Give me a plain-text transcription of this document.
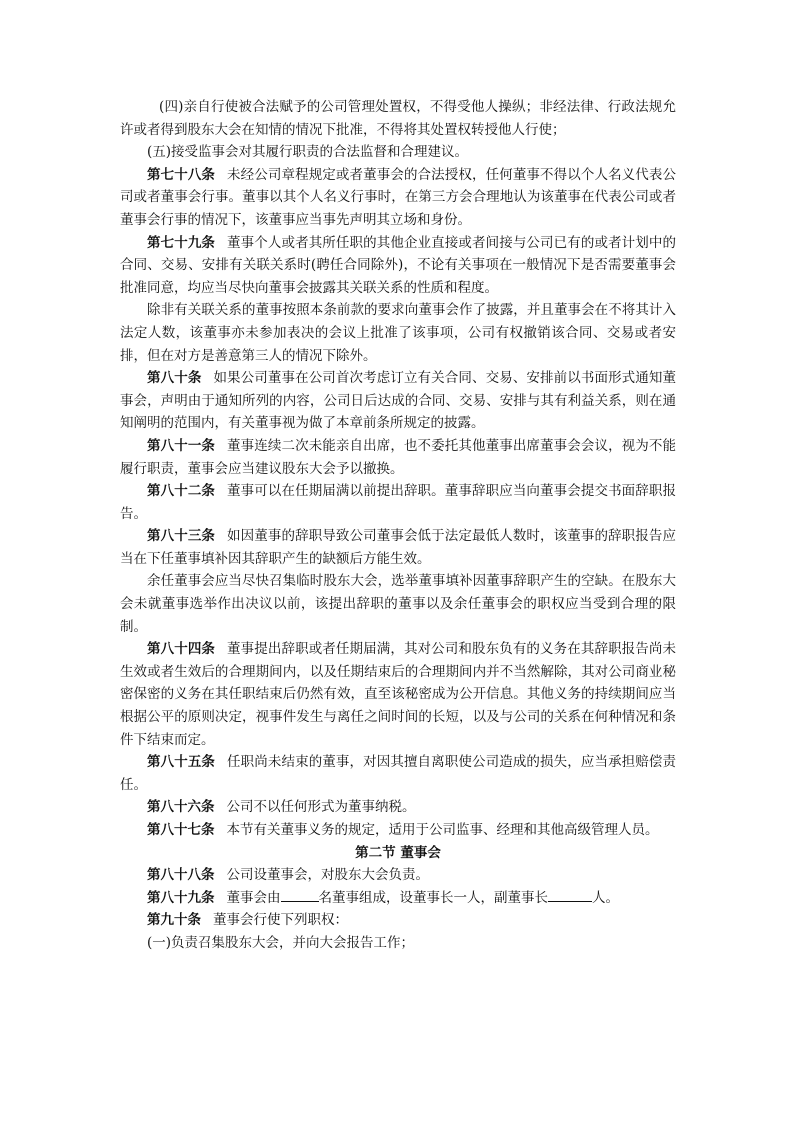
(四)亲自行使被合法赋予的公司管理处置权，不得受他人操纵；非经法律、行政法规允许或者得到股东大会在知情的情况下批准，不得将其处置权转授他人行使；

(五)接受监事会对其履行职责的合法监督和合理建议。

第七十八条 未经公司章程规定或者董事会的合法授权，任何董事不得以个人名义代表公司或者董事会行事。董事以其个人名义行事时，在第三方会合理地认为该董事在代表公司或者董事会行事的情况下，该董事应当事先声明其立场和身份。

第七十九条 董事个人或者其所任职的其他企业直接或者间接与公司已有的或者计划中的合同、交易、安排有关联关系时(聘任合同除外)，不论有关事项在一般情况下是否需要董事会批准同意，均应当尽快向董事会披露其关联关系的性质和程度。

除非有关联关系的董事按照本条前款的要求向董事会作了披露，并且董事会在不将其计入法定人数，该董事亦未参加表决的会议上批准了该事项，公司有权撤销该合同、交易或者安排，但在对方是善意第三人的情况下除外。

第八十条 如果公司董事在公司首次考虑订立有关合同、交易、安排前以书面形式通知董事会，声明由于通知所列的内容，公司日后达成的合同、交易、安排与其有利益关系，则在通知阐明的范围内，有关董事视为做了本章前条所规定的披露。

第八十一条 董事连续二次未能亲自出席，也不委托其他董事出席董事会会议，视为不能履行职责，董事会应当建议股东大会予以撤换。

第八十二条 董事可以在任期届满以前提出辞职。董事辞职应当向董事会提交书面辞职报告。

第八十三条 如因董事的辞职导致公司董事会低于法定最低人数时，该董事的辞职报告应当在下任董事填补因其辞职产生的缺额后方能生效。

余任董事会应当尽快召集临时股东大会，选举董事填补因董事辞职产生的空缺。在股东大会未就董事选举作出决议以前，该提出辞职的董事以及余任董事会的职权应当受到合理的限制。

第八十四条 董事提出辞职或者任期届满，其对公司和股东负有的义务在其辞职报告尚未生效或者生效后的合理期间内，以及任期结束后的合理期间内并不当然解除，其对公司商业秘密保密的义务在其任职结束后仍然有效，直至该秘密成为公开信息。其他义务的持续期间应当根据公平的原则决定，视事件发生与离任之间时间的长短，以及与公司的关系在何种情况和条件下结束而定。

第八十五条 任职尚未结束的董事，对因其擅自离职使公司造成的损失，应当承担赔偿责任。

第八十六条 公司不以任何形式为董事纳税。

第八十七条 本节有关董事义务的规定，适用于公司监事、经理和其他高级管理人员。

第二节 董事会

第八十八条 公司设董事会，对股东大会负责。

第八十九条 董事会由	名董事组成，设董事长一人，副董事长	人。

第九十条 董事会行使下列职权：

(一)负责召集股东大会，并向大会报告工作；
